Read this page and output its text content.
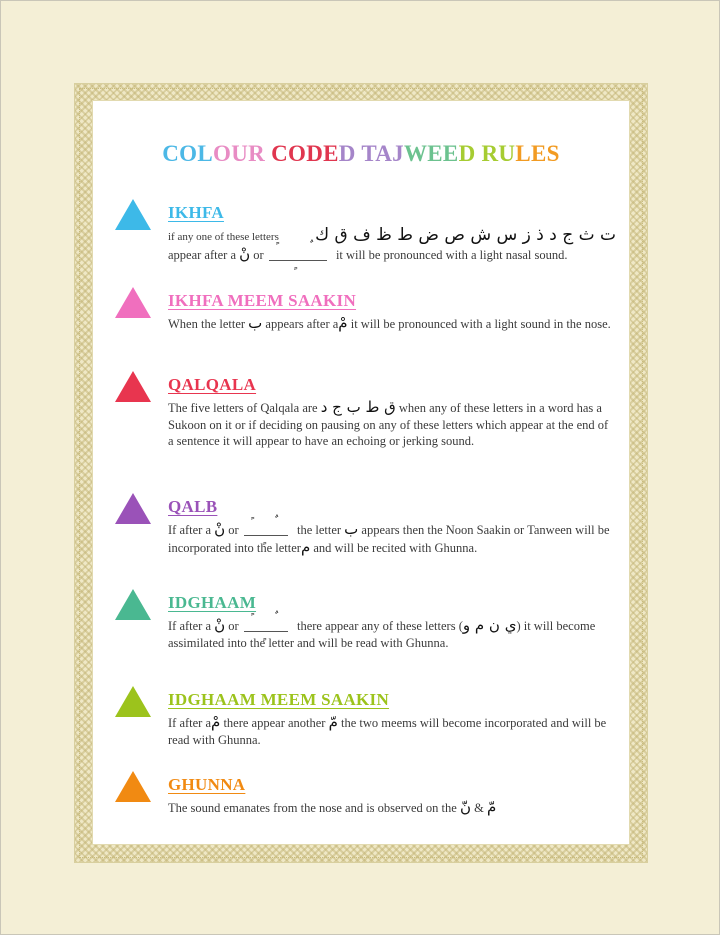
COLOUR CODED TAJWEED RULES
IKHFA
if any one of these letters ت ث ج د ذ ز س ش ص ض ط ظ ف ق ك
appear after a نْ or	it will be pronounced with a light nasal sound.
IKHFA MEEM SAAKIN
When the letter ب appears after aمْ it will be pronounced with a light sound in the nose.
QALQALA
The five letters of Qalqala are ق ط ب ج د when any of these letters in a word has a Sukoon on it or if deciding on pausing on any of these letters which appear at the end of a sentence it will appear to have an echoing or jerking sound.
QALB
If after a نْ or	the letter ب appears then the Noon Saakin or Tanween will be incorporated into the letterم and will be recited with Ghunna.
IDGHAAM
If after a نْ or	there appear any of these letters (ي ن م و) it will become assimilated into the letter and will be read with Ghunna.
IDGHAAM MEEM SAAKIN
If after aمْ there appear another مّ the two meems will become incorporated and will be read with Ghunna.
GHUNNA
The sound emanates from the nose and is observed on the نّ & مّ
